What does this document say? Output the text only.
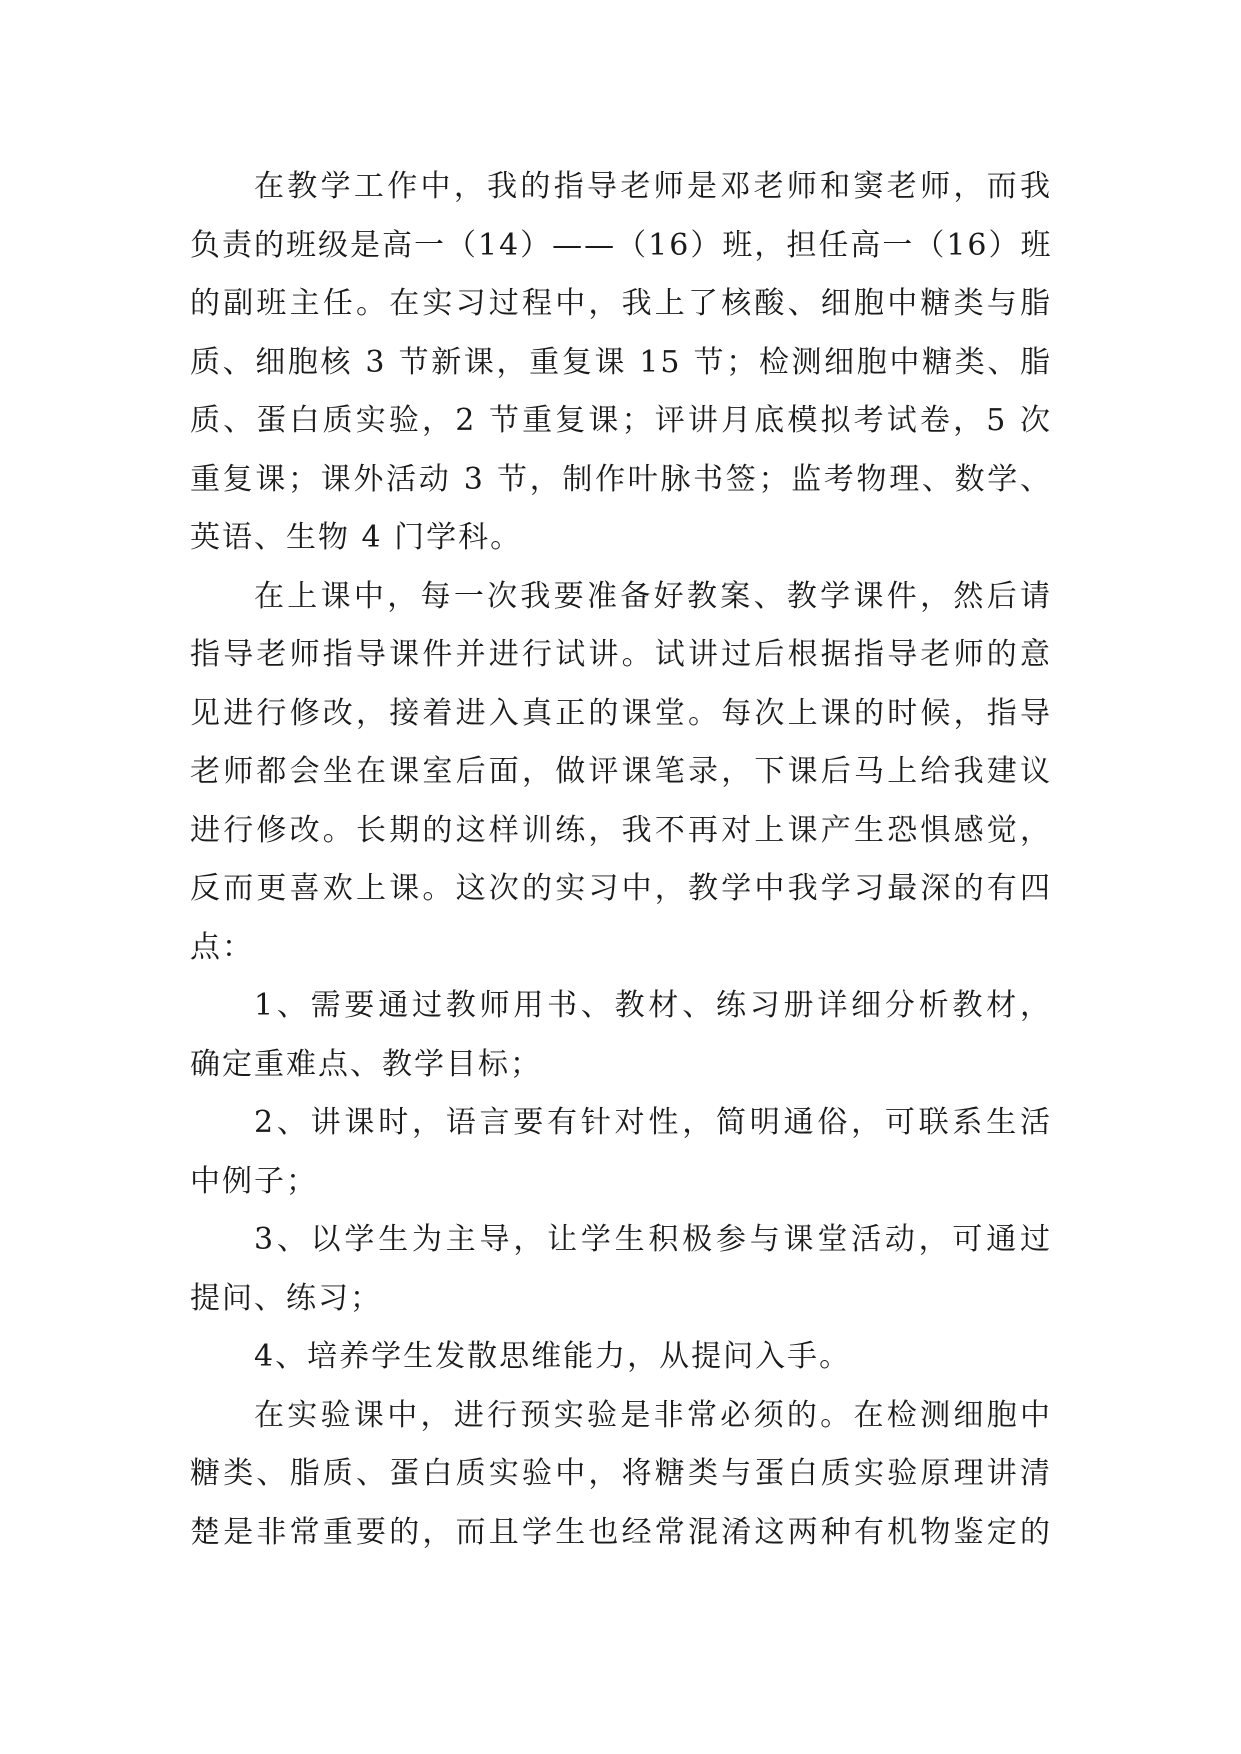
在教学工作中，我的指导老师是邓老师和窦老师，而我
负责的班级是高一（14）——（16）班，担任高一（16）班
的副班主任。在实习过程中，我上了核酸、细胞中糖类与脂
质、细胞核 3 节新课，重复课 15 节；检测细胞中糖类、脂
质、蛋白质实验，2 节重复课；评讲月底模拟考试卷，5 次
重复课；课外活动 3 节，制作叶脉书签；监考物理、数学、
英语、生物 4 门学科。
在上课中，每一次我要准备好教案、教学课件，然后请
指导老师指导课件并进行试讲。试讲过后根据指导老师的意
见进行修改，接着进入真正的课堂。每次上课的时候，指导
老师都会坐在课室后面，做评课笔录，下课后马上给我建议
进行修改。长期的这样训练，我不再对上课产生恐惧感觉，
反而更喜欢上课。这次的实习中，教学中我学习最深的有四
点：
1、需要通过教师用书、教材、练习册详细分析教材，
确定重难点、教学目标；
2、讲课时，语言要有针对性，简明通俗，可联系生活
中例子；
3、以学生为主导，让学生积极参与课堂活动，可通过
提问、练习；
4、培养学生发散思维能力，从提问入手。
在实验课中，进行预实验是非常必须的。在检测细胞中
糖类、脂质、蛋白质实验中，将糖类与蛋白质实验原理讲清
楚是非常重要的，而且学生也经常混淆这两种有机物鉴定的
